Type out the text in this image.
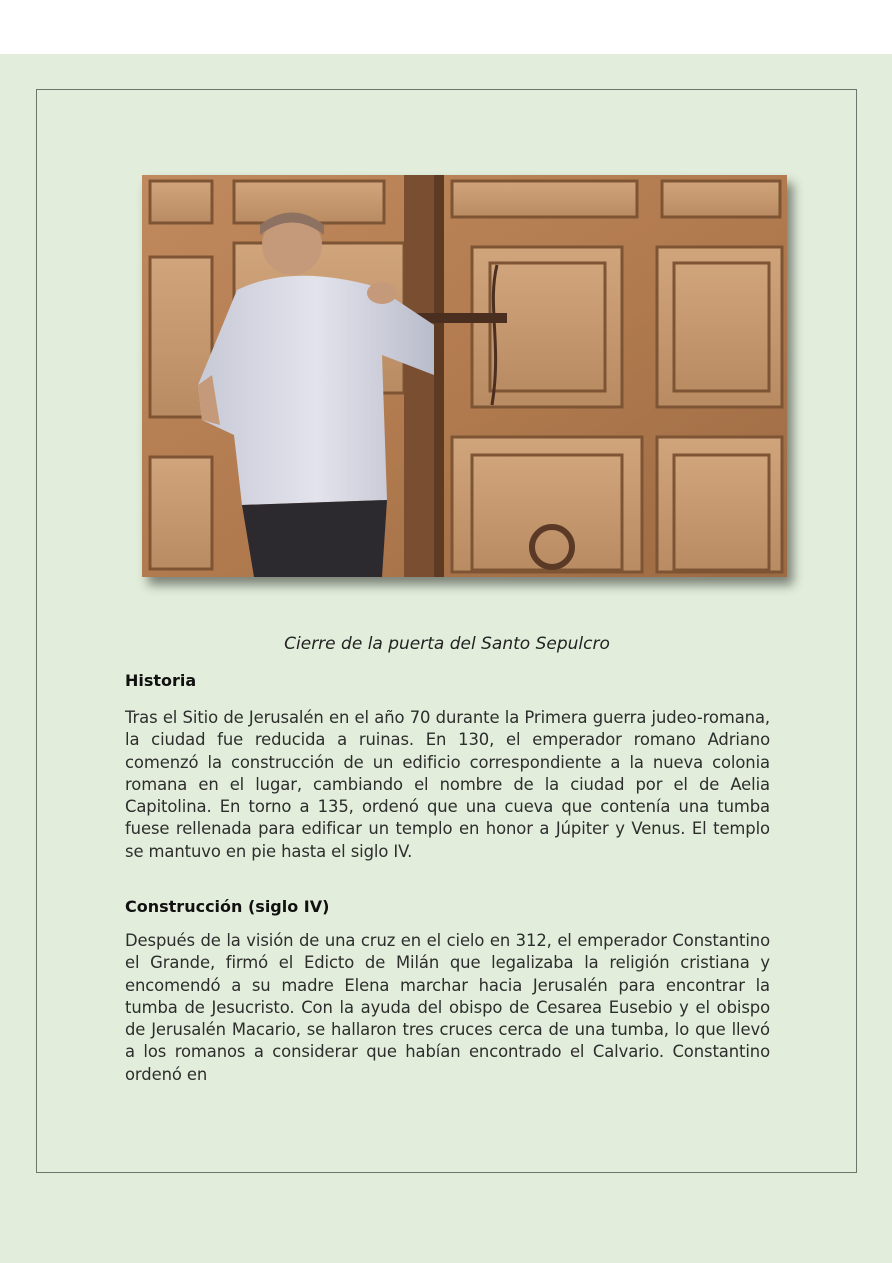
Cierre de la puerta del Santo Sepulcro

Historia

Tras el Sitio de Jerusalén en el año 70 durante la Primera guerra judeo-romana, la ciudad fue reducida a ruinas. En 130, el emperador romano Adriano comenzó la construcción de un edificio correspondiente a la nueva colonia romana en el lugar, cambiando el nombre de la ciudad por el de Aelia Capitolina. En torno a 135, ordenó que una cueva que contenía una tumba fuese rellenada para edificar un templo en honor a Júpiter y Venus. El templo se mantuvo en pie hasta el siglo IV.

Construcción (siglo IV)

Después de la visión de una cruz en el cielo en 312, el emperador Constantino el Grande, firmó el Edicto de Milán que legalizaba la religión cristiana y encomendó a su madre Elena marchar hacia Jerusalén para encontrar la tumba de Jesucristo. Con la ayuda del obispo de Cesarea Eusebio y el obispo de Jerusalén Macario, se hallaron tres cruces cerca de una tumba, lo que llevó a los romanos a considerar que habían encontrado el Calvario. Constantino ordenó en
